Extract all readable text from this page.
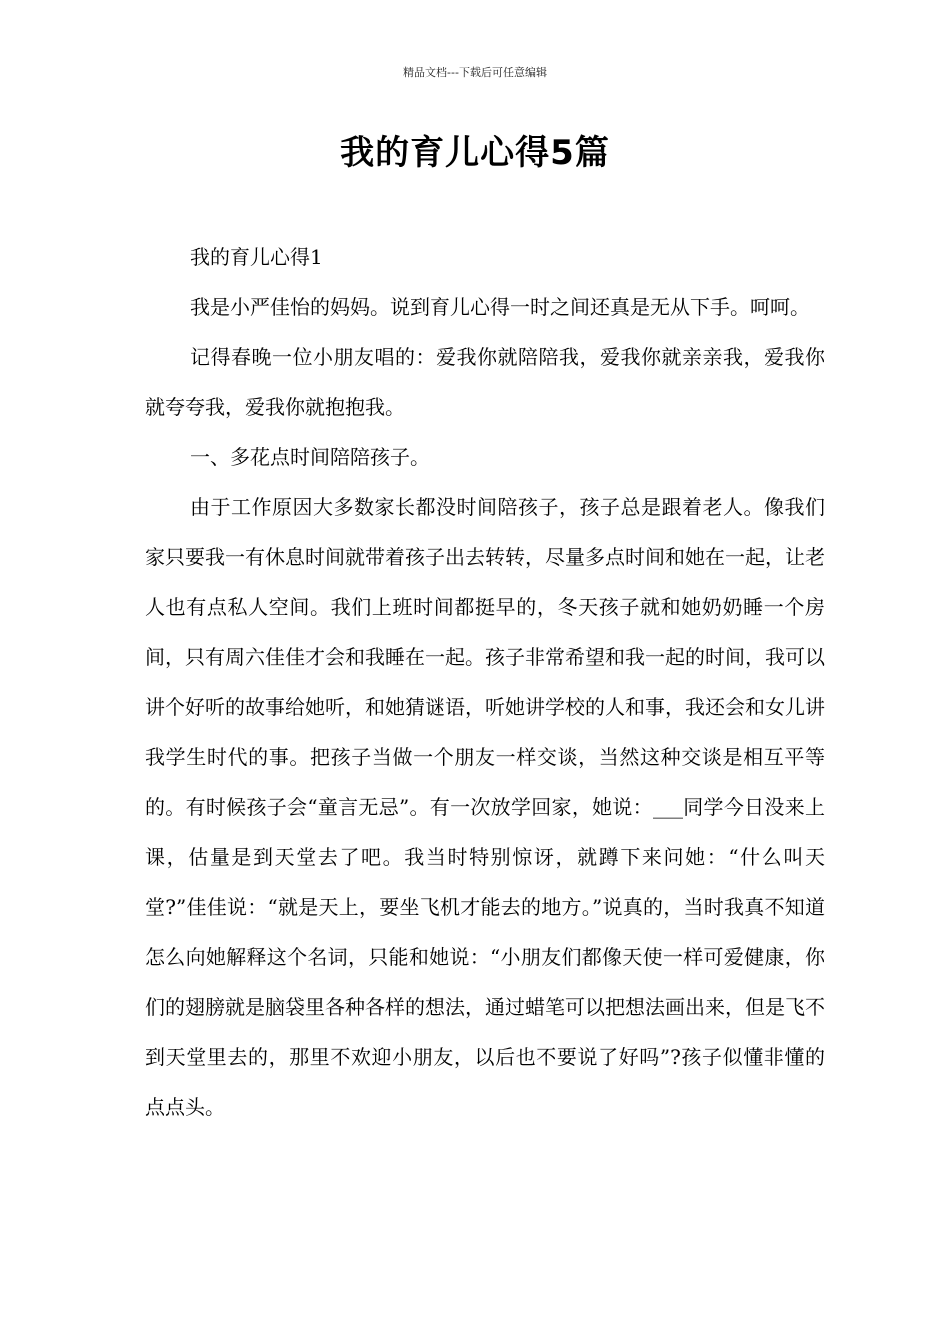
精品文档---下载后可任意编辑
我的育儿心得5篇

我的育儿心得1

我是小严佳怡的妈妈。说到育儿心得一时之间还真是无从下手。呵呵。

记得春晚一位小朋友唱的：爱我你就陪陪我，爱我你就亲亲我，爱我你就夸夸我，爱我你就抱抱我。

一、多花点时间陪陪孩子。

由于工作原因大多数家长都没时间陪孩子，孩子总是跟着老人。像我们家只要我一有休息时间就带着孩子出去转转，尽量多点时间和她在一起，让老人也有点私人空间。我们上班时间都挺早的，冬天孩子就和她奶奶睡一个房间，只有周六佳佳才会和我睡在一起。孩子非常希望和我一起的时间，我可以讲个好听的故事给她听，和她猜谜语，听她讲学校的人和事，我还会和女儿讲我学生时代的事。把孩子当做一个朋友一样交谈，当然这种交谈是相互平等的。有时候孩子会“童言无忌”。有一次放学回家，她说：___同学今日没来上课，估量是到天堂去了吧。我当时特别惊讶，就蹲下来问她：“什么叫天堂?”佳佳说：“就是天上，要坐飞机才能去的地方。”说真的，当时我真不知道怎么向她解释这个名词，只能和她说：“小朋友们都像天使一样可爱健康，你们的翅膀就是脑袋里各种各样的想法，通过蜡笔可以把想法画出来，但是飞不到天堂里去的，那里不欢迎小朋友，以后也不要说了好吗”?孩子似懂非懂的点点头。
